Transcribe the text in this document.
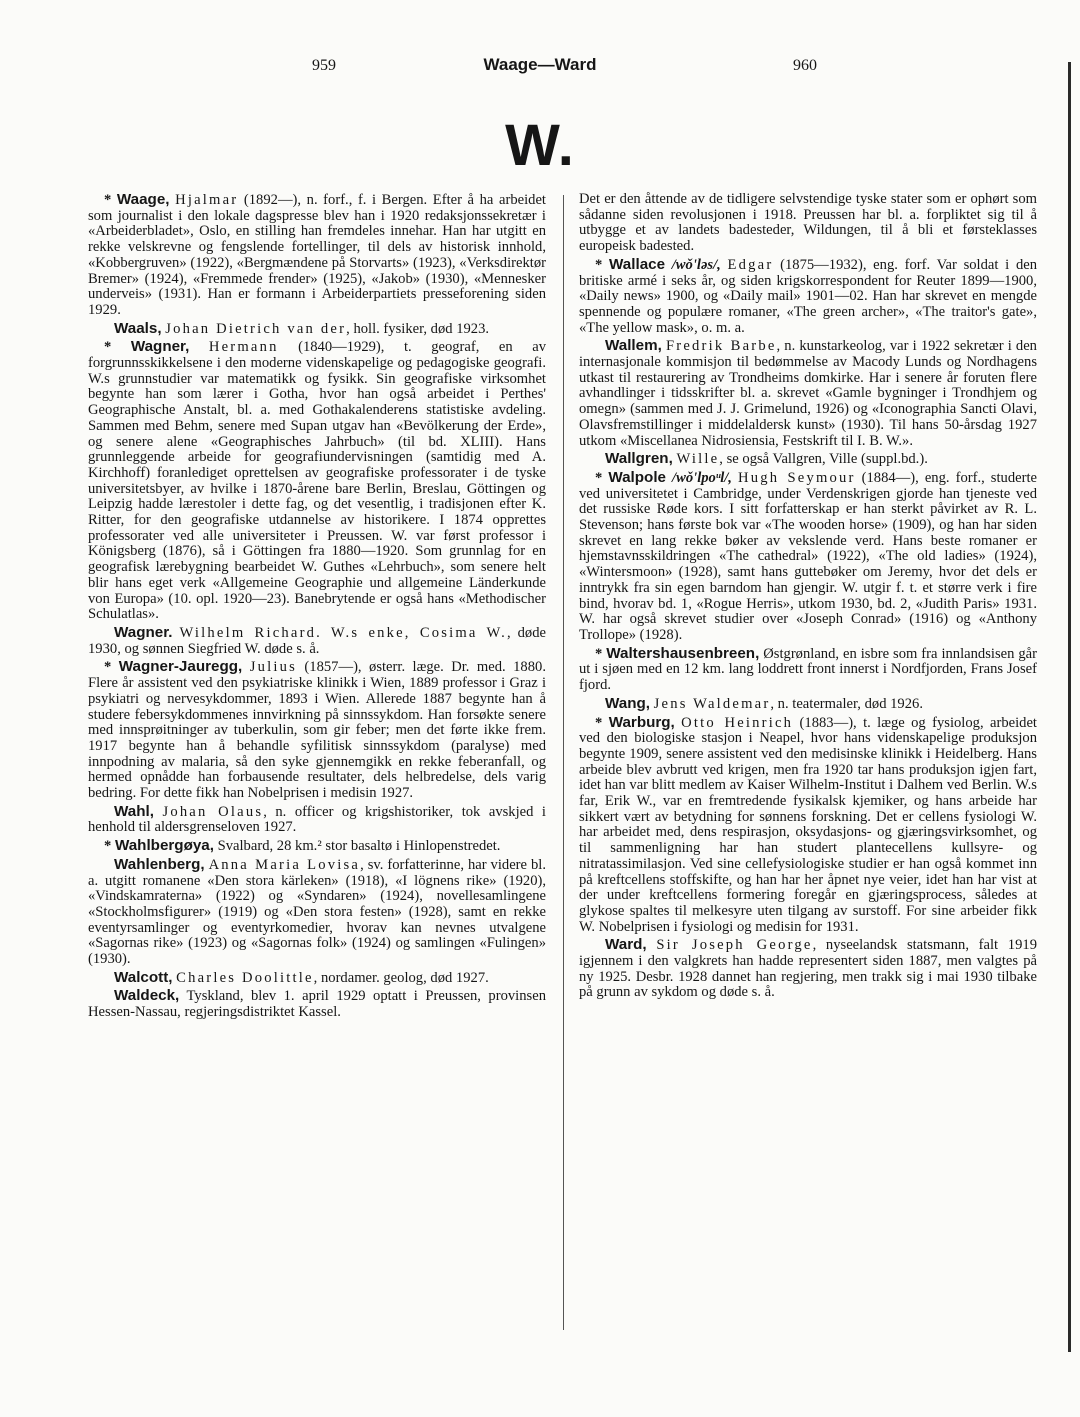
959	Waage—Ward	960
W.

* Waage, Hjalmar (1892—), n. forf., f. i Bergen. Efter å ha arbeidet som journalist i den lokale dagspresse blev han i 1920 redaksjonssekretær i «Arbeiderbladet», Oslo, en stilling han fremdeles innehar. Han har utgitt en rekke velskrevne og fengslende fortellinger, til dels av historisk innhold, «Kobbergruven» (1922), «Bergmændene på Storvarts» (1923), «Verksdirektør Bremer» (1924), «Fremmede frender» (1925), «Jakob» (1930), «Mennesker underveis» (1931). Han er formann i Arbeiderpartiets presseforening siden 1929.

Waals, Johan Dietrich van der, holl. fysiker, død 1923.

* Wagner, Hermann (1840—1929), t. geograf, en av forgrunnsskikkelsene i den moderne videnskapelige og pedagogiske geografi. W.s grunnstudier var matematikk og fysikk. Sin geografiske virksomhet begynte han som lærer i Gotha, hvor han også arbeidet i Perthes' Geographische Anstalt, bl. a. med Gothakalenderens statistiske avdeling. Sammen med Behm, senere med Supan utgav han «Bevölkerung der Erde», og senere alene «Geographisches Jahrbuch» (til bd. XLIII). Hans grunnleggende arbeide for geografiundervisningen (samtidig med A. Kirchhoff) foranlediget oprettelsen av geografiske professorater i de tyske universitetsbyer, av hvilke i 1870-årene bare Berlin, Breslau, Göttingen og Leipzig hadde lærestoler i dette fag, og det vesentlig, i tradisjonen efter K. Ritter, for den geografiske utdannelse av historikere. I 1874 opprettes professorater ved alle universiteter i Preussen. W. var først professor i Königsberg (1876), så i Göttingen fra 1880—1920. Som grunnlag for en geografisk lærebygning bearbeidet W. Guthes «Lehrbuch», som senere helt blir hans eget verk «Allgemeine Geographie und allgemeine Länderkunde von Europa» (10. opl. 1920—23). Banebrytende er også hans «Methodischer Schulatlas».

Wagner. Wilhelm Richard. W.s enke, Cosima W., døde 1930, og sønnen Siegfried W. døde s. å.

* Wagner-Jauregg, Julius (1857—), østerr. læge. Dr. med. 1880. Flere år assistent ved den psykiatriske klinikk i Wien, 1889 professor i Graz i psykiatri og nervesykdommer, 1893 i Wien. Allerede 1887 begynte han å studere febersykdommenes innvirkning på sinnssykdom. Han forsøkte senere med innsprøitninger av tuberkulin, som gir feber; men det førte ikke frem. 1917 begynte han å behandle syfilitisk sinnssykdom (paralyse) med innpodning av malaria, så den syke gjennemgikk en rekke feberanfall, og hermed opnådde han forbausende resultater, dels helbredelse, dels varig bedring. For dette fikk han Nobelprisen i medisin 1927.

Wahl, Johan Olaus, n. officer og krigshistoriker, tok avskjed i henhold til aldersgrenseloven 1927.

* Wahlbergøya, Svalbard, 28 km.² stor basaltø i Hinlopenstredet.

Wahlenberg, Anna Maria Lovisa, sv. forfatterinne, har videre bl. a. utgitt romanene «Den stora kärleken» (1918), «I lögnens rike» (1920), «Vindskamraterna» (1922) og «Syndaren» (1924), novellesamlingene «Stockholmsfigurer» (1919) og «Den stora festen» (1928), samt en rekke eventyrsamlinger og eventyrkomedier, hvorav kan nevnes utvalgene «Sagornas rike» (1923) og «Sagornas folk» (1924) og samlingen «Fulingen» (1930).

Walcott, Charles Doolittle, nordamer. geolog, død 1927.

Waldeck, Tyskland, blev 1. april 1929 optatt i Preussen, provinsen Hessen-Nassau, regjeringsdistriktet Kassel.

Det er den åttende av de tidligere selvstendige tyske stater som er ophørt som sådanne siden revolusjonen i 1918. Preussen har bl. a. forpliktet sig til å utbygge et av landets badesteder, Wildungen, til å bli et førsteklasses europeisk badested.

* Wallace /wǒ'ləs/, Edgar (1875—1932), eng. forf. Var soldat i den britiske armé i seks år, og siden krigskorrespondent for Reuter 1899—1900, «Daily news» 1900, og «Daily mail» 1901—02. Han har skrevet en mengde spennende og populære romaner, «The green archer», «The traitor's gate», «The yellow mask», o. m. a.

Wallem, Fredrik Barbe, n. kunstarkeolog, var i 1922 sekretær i den internasjonale kommisjon til bedømmelse av Macody Lunds og Nordhagens utkast til restaurering av Trondheims domkirke. Har i senere år foruten flere avhandlinger i tidsskrifter bl. a. skrevet «Gamle bygninger i Trondhjem og omegn» (sammen med J. J. Grimelund, 1926) og «Iconographia Sancti Olavi, Olavsfremstillinger i middelaldersk kunst» (1930). Til hans 50-årsdag 1927 utkom «Miscellanea Nidrosiensia, Festskrift til I. B. W.».

Wallgren, Wille, se også Vallgren, Ville (suppl.bd.).

* Walpole /wǒ'lpoᵘl/, Hugh Seymour (1884—), eng. forf., studerte ved universitetet i Cambridge, under Verdenskrigen gjorde han tjeneste ved det russiske Røde kors. I sitt forfatterskap er han sterkt påvirket av R. L. Stevenson; hans første bok var «The wooden horse» (1909), og han har siden skrevet en lang rekke bøker av vekslende verd. Hans beste romaner er hjemstavnsskildringen «The cathedral» (1922), «The old ladies» (1924), «Wintersmoon» (1928), samt hans guttebøker om Jeremy, hvor det dels er inntrykk fra sin egen barndom han gjengir. W. utgir f. t. et større verk i fire bind, hvorav bd. 1, «Rogue Herris», utkom 1930, bd. 2, «Judith Paris» 1931. W. har også skrevet studier over «Joseph Conrad» (1916) og «Anthony Trollope» (1928).

* Waltershausenbreen, Østgrønland, en isbre som fra innlandsisen går ut i sjøen med en 12 km. lang loddrett front innerst i Nordfjorden, Frans Josef fjord.

Wang, Jens Waldemar, n. teatermaler, død 1926.

* Warburg, Otto Heinrich (1883—), t. læge og fysiolog, arbeidet ved den biologiske stasjon i Neapel, hvor hans videnskapelige produksjon begynte 1909, senere assistent ved den medisinske klinikk i Heidelberg. Hans arbeide blev avbrutt ved krigen, men fra 1920 tar hans produksjon igjen fart, idet han var blitt medlem av Kaiser Wilhelm-Institut i Dalhem ved Berlin. W.s far, Erik W., var en fremtredende fysikalsk kjemiker, og hans arbeide har sikkert vært av betydning for sønnens forskning. Det er cellens fysiologi W. har arbeidet med, dens respirasjon, oksydasjons- og gjæringsvirksomhet, og til sammenligning har han studert plantecellens kullsyre- og nitratassimilasjon. Ved sine cellefysiologiske studier er han også kommet inn på kreftcellens stoffskifte, og han har her åpnet nye veier, idet han har vist at der under kreftcellens formering foregår en gjæringsprocess, således at glykose spaltes til melkesyre uten tilgang av surstoff. For sine arbeider fikk W. Nobelprisen i fysiologi og medisin for 1931.

Ward, Sir Joseph George, nyseelandsk statsmann, falt 1919 igjennem i den valgkrets han hadde representert siden 1887, men valgtes på ny 1925. Desbr. 1928 dannet han regjering, men trakk sig i mai 1930 tilbake på grunn av sykdom og døde s. å.
